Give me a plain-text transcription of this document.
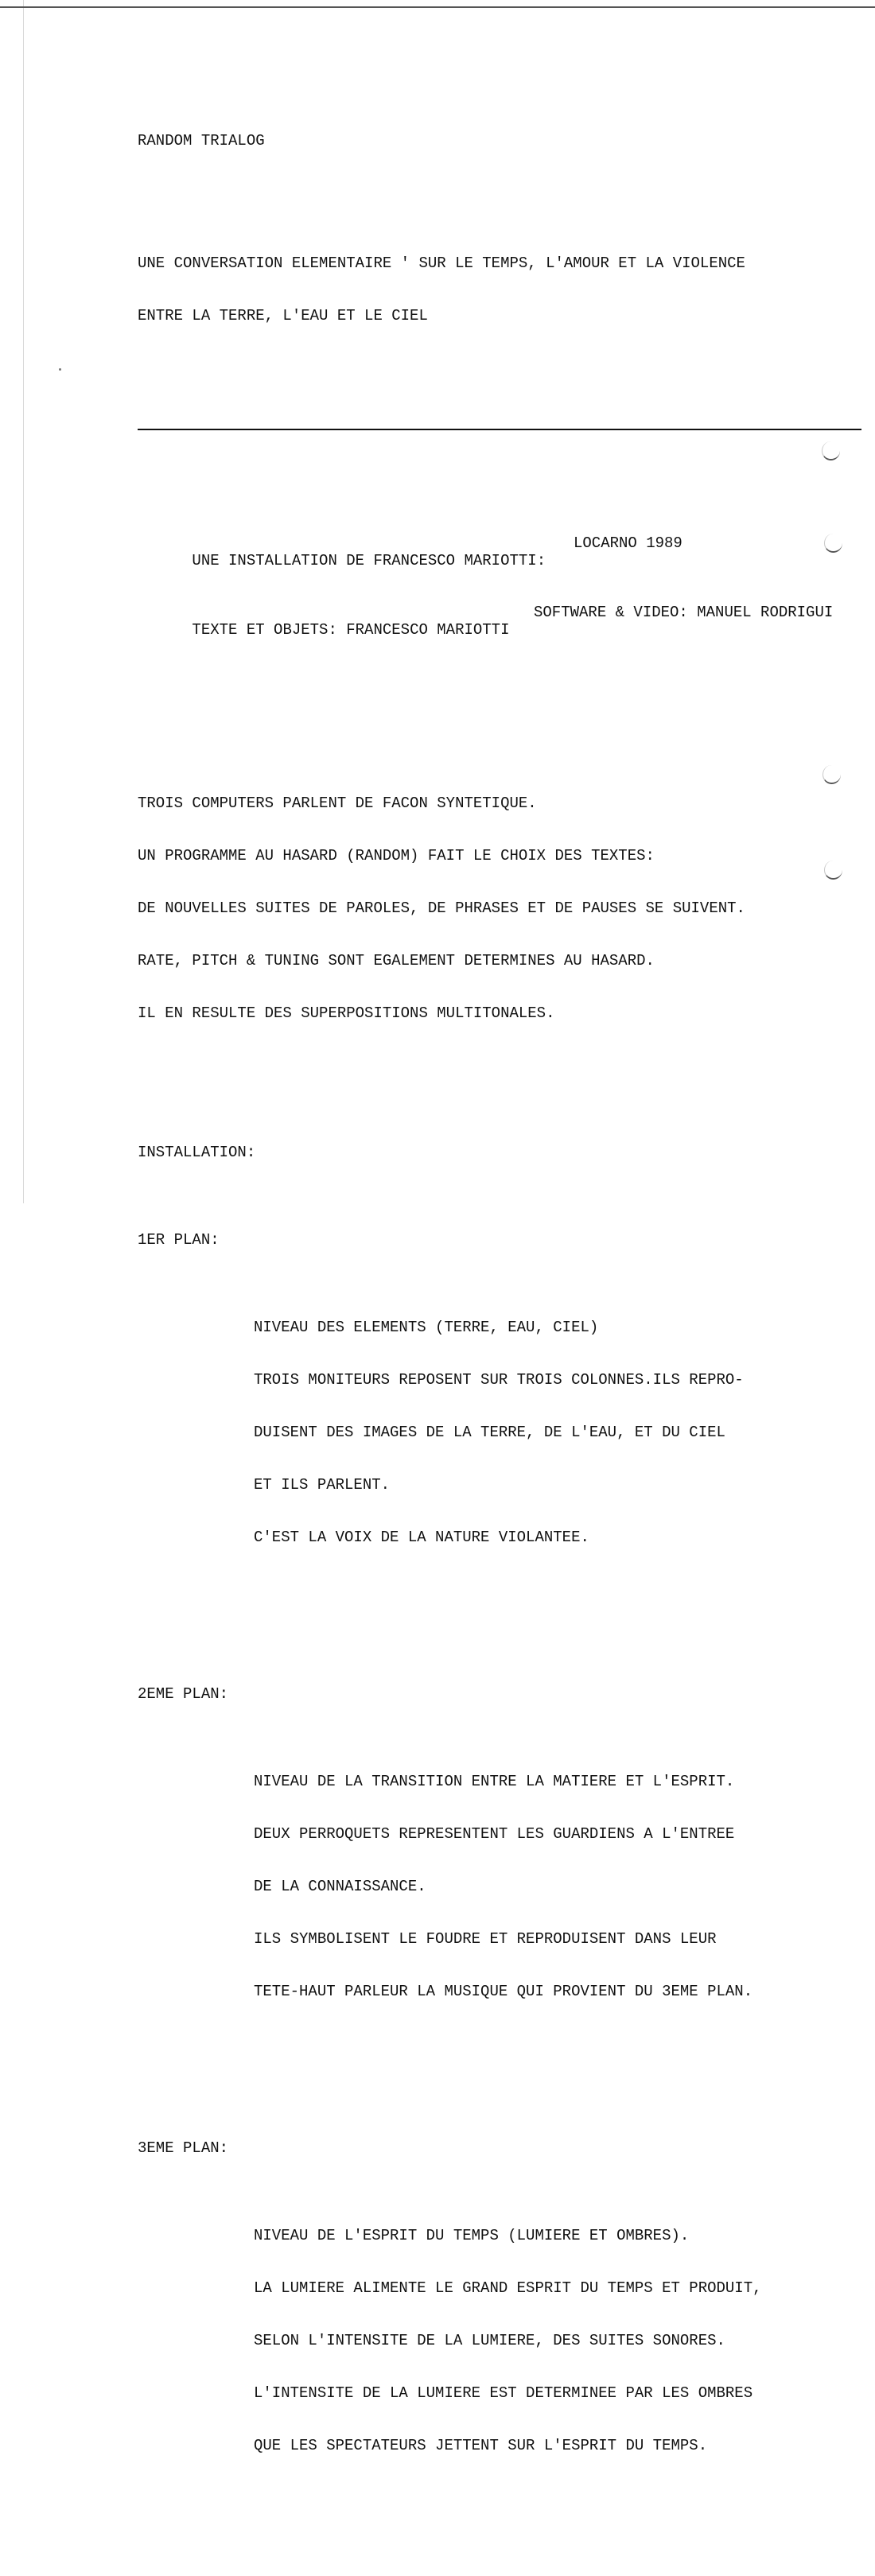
RANDOM TRIALOG

UNE CONVERSATION ELEMENTAIRE ' SUR LE TEMPS, L'AMOUR ET LA VIOLENCE

ENTRE LA TERRE, L'EAU ET LE CIEL

UNE INSTALLATION DE FRANCESCO MARIOTTI:

LOCARNO 1989

TEXTE ET OBJETS: FRANCESCO MARIOTTI

SOFTWARE & VIDEO: MANUEL RODRIGUI

TROIS COMPUTERS PARLENT DE FACON SYNTETIQUE.

UN PROGRAMME AU HASARD (RANDOM) FAIT LE CHOIX DES TEXTES:

DE NOUVELLES SUITES DE PAROLES, DE PHRASES ET DE PAUSES SE SUIVENT.

RATE, PITCH & TUNING SONT EGALEMENT DETERMINES AU HASARD.

IL EN RESULTE DES SUPERPOSITIONS MULTITONALES.

INSTALLATION:

1ER PLAN:

NIVEAU DES ELEMENTS (TERRE, EAU, CIEL)

TROIS MONITEURS REPOSENT SUR TROIS COLONNES.ILS REPRO-

DUISENT DES IMAGES DE LA TERRE, DE L'EAU, ET DU CIEL

ET ILS PARLENT.

C'EST LA VOIX DE LA NATURE VIOLANTEE.

2EME PLAN:

NIVEAU DE LA TRANSITION ENTRE LA MATIERE ET L'ESPRIT.

DEUX PERROQUETS REPRESENTENT LES GUARDIENS A L'ENTREE

DE LA CONNAISSANCE.

ILS SYMBOLISENT LE FOUDRE ET REPRODUISENT DANS LEUR

TETE-HAUT PARLEUR LA MUSIQUE QUI PROVIENT DU 3EME PLAN.

3EME PLAN:

NIVEAU DE L'ESPRIT DU TEMPS (LUMIERE ET OMBRES).

LA LUMIERE ALIMENTE LE GRAND ESPRIT DU TEMPS ET PRODUIT,

SELON L'INTENSITE DE LA LUMIERE, DES SUITES SONORES.

L'INTENSITE DE LA LUMIERE EST DETERMINEE PAR LES OMBRES

QUE LES SPECTATEURS JETTENT SUR L'ESPRIT DU TEMPS.
